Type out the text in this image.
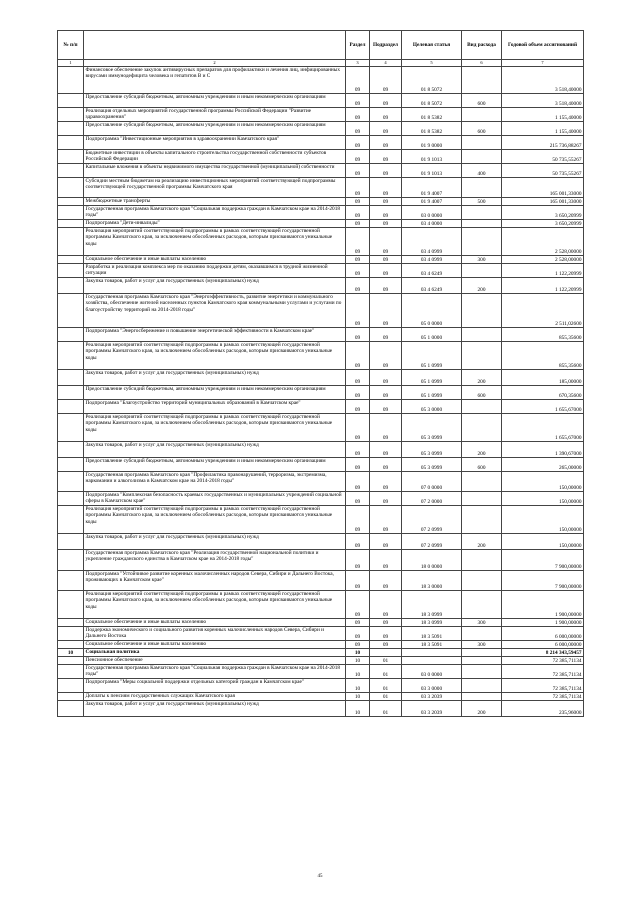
№ п/п		Раздел	Подраздел	Целевая статья	Вид расхода	Годовой объем ассигнований
1	2	3	4	5	6	7
	Финансовое обеспечение закупок антивирусных препаратов для профилактики и лечения лиц, инфицированных вирусами иммунодефицита человека и гепатитов В и С	09	09	01 8 5072		3 518,40000
	Предоставление субсидий бюджетным, автономным учреждениям и иным некоммерческим организациям	09	09	01 8 5072	600	3 518,40000
	Реализация отдельных мероприятий государственной программы Российской Федерации "Развитие здравоохранения"	09	09	01 8 5382		1 155,40000
	Предоставление субсидий бюджетным, автономным учреждениям и иным некоммерческим организациям	09	09	01 8 5382	600	1 155,40000
	Подпрограмма "Инвестиционные мероприятия в здравоохранении Камчатского края"	09	09	01 9 0000		215 736,88267
	Бюджетные инвестиции в объекты капитального строительства государственной собственности субъектов Российской Федерации	09	09	01 9 1013		50 735,55267
	Капитальные вложения в объекты недвижимого имущества государственной (муниципальной) собственности	09	09	01 9 1013	400	50 735,55267
	Субсидии местным бюджетам на реализацию инвестиционных мероприятий соответствующей подпрограммы соответствующей государственной программы Камчатского края	09	09	01 9 4007		165 001,33000
	Межбюджетные трансферты	09	09	01 9 4007	500	165 001,33000
	Государственная программа Камчатского края "Социальная поддержка граждан в Камчатском крае на 2014-2018 годы"	09	09	03 0 0000		3 650,20999
	Подпрограмма "Дети-инвалиды"	09	09	03 4 0000		3 650,20999
	Реализация мероприятий соответствующей подпрограммы в рамках соответствующей государственной программы Камчатского края, за исключением обособленных расходов, которым присваиваются уникальные коды	09	09	03 4 0999		2 528,00000
	Социальное обеспечение и иные выплаты населению	09	09	03 4 0999	300	2 528,00000
	Разработка и реализация комплекса мер по оказанию поддержки детям, оказавшимся в трудной жизненной ситуации	09	09	03 4 6249		1 122,20999
	Закупка товаров, работ и услуг для государственных (муниципальных) нужд	09	09	03 4 6249	200	1 122,20999
	Государственная программа Камчатского края "Энергоэффективность, развитие энергетики и коммунального хозяйства, обеспечение жителей населенных пунктов Камчатского края коммунальными услугами и услугами по благоустройству территорий на 2014-2018 годы"	09	09	05 0 0000		2 511,02600
	Подпрограмма "Энергосбережение и повышение энергетической эффективности в Камчатском крае"	09	09	05 1 0000		855,35600
	Реализация мероприятий соответствующей подпрограммы в рамках соответствующей государственной программы Камчатского края, за исключением обособленных расходов, которым присваиваются уникальные коды	09	09	05 1 0999		855,35600
	Закупка товаров, работ и услуг для государственных (муниципальных) нужд	09	09	05 1 0999	200	185,00000
	Предоставление субсидий бюджетным, автономным учреждениям и иным некоммерческим организациям	09	09	05 1 0999	600	670,35600
	Подпрограмма "Благоустройство территорий муниципальных образований в Камчатском крае"	09	09	05 3 0000		1 655,67000
	Реализация мероприятий соответствующей подпрограммы в рамках соответствующей государственной программы Камчатского края, за исключением обособленных расходов, которым присваиваются уникальные коды	09	09	05 3 0999		1 655,67000
	Закупка товаров, работ и услуг для государственных (муниципальных) нужд	09	09	05 3 0999	200	1 390,67000
	Предоставление субсидий бюджетным, автономным учреждениям и иным некоммерческим организациям	09	09	05 3 0999	600	265,00000
	Государственная программа Камчатского края "Профилактика правонарушений, терроризма, экстремизма, наркомании и алкоголизма в Камчатском крае на 2014-2018 годы"	09	09	07 0 0000		150,00000
	Подпрограмма "Комплексная безопасность краевых государственных и муниципальных учреждений социальной сферы в Камчатском крае"	09	09	07 2 0000		150,00000
	Реализация мероприятий соответствующей подпрограммы в рамках соответствующей государственной программы Камчатского края, за исключением обособленных расходов, которым присваиваются уникальные коды	09	09	07 2 0999		150,00000
	Закупка товаров, работ и услуг для государственных (муниципальных) нужд	09	09	07 2 0999	200	150,00000
	Государственная программа Камчатского края "Реализация государственной национальной политики и укрепление гражданского единства в Камчатском крае на 2014-2018 годы"	09	09	18 0 0000		7 900,00000
	Подпрограмма "Устойчивое развитие коренных малочисленных народов Севера, Сибири и Дальнего Востока, проживающих в Камчатском крае"	09	09	18 3 0000		7 900,00000
	Реализация мероприятий соответствующей подпрограммы в рамках соответствующей государственной программы Камчатского края, за исключением обособленных расходов, которым присваиваются уникальные коды	09	09	18 3 0999		1 900,00000
	Социальное обеспечение и иные выплаты населению	09	09	18 3 0999	300	1 900,00000
	Поддержка экономического и социального развития коренных малочисленных народов Севера, Сибири и Дальнего Востока	09	09	18 3 5091		6 000,00000
	Социальное обеспечение и иные выплаты населению	09	09	18 3 5091	300	6 000,00000
10	Социальная политика	10				8 214 343,59457
	Пенсионное обеспечение	10	01			72 385,71134
	Государственная программа Камчатского края "Социальная поддержка граждан в Камчатском крае на 2014-2018 годы"	10	01	03 0 0000		72 385,71134
	Подпрограмма "Меры социальной поддержки отдельных категорий граждан в Камчатском крае"	10	01	03 3 0000		72 385,71134
	Доплаты к пенсиям государственных служащих Камчатского края	10	01	03 3 2039		72 385,71134
	Закупка товаров, работ и услуг для государственных (муниципальных) нужд	10	01	03 3 2039	200	235,96000
45
